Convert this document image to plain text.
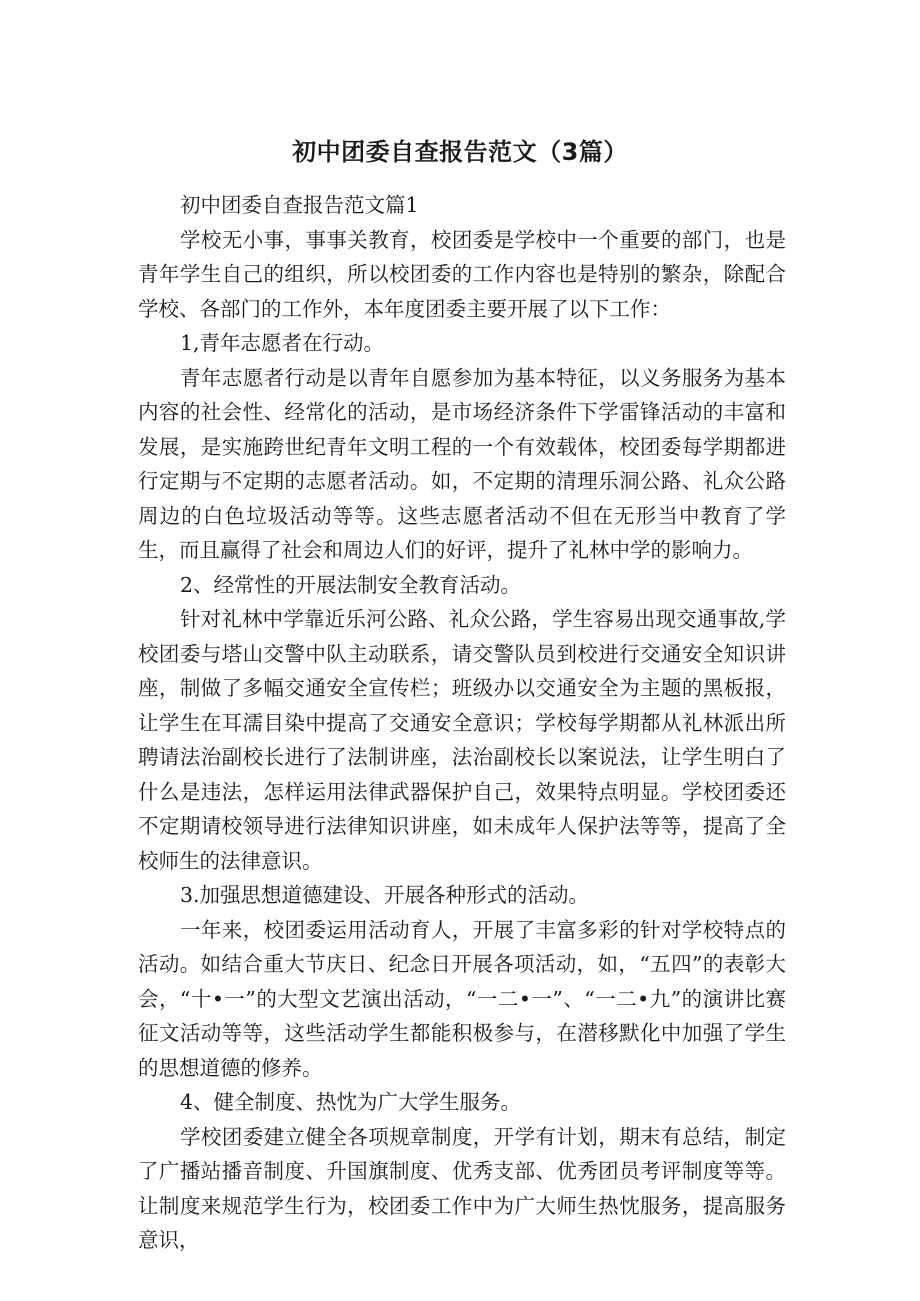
初中团委自查报告范文（3篇）

初中团委自查报告范文篇1

学校无小事，事事关教育，校团委是学校中一个重要的部门，也是青年学生自己的组织，所以校团委的工作内容也是特别的繁杂，除配合学校、各部门的工作外，本年度团委主要开展了以下工作：

1,青年志愿者在行动。

青年志愿者行动是以青年自愿参加为基本特征，以义务服务为基本内容的社会性、经常化的活动，是市场经济条件下学雷锋活动的丰富和发展，是实施跨世纪青年文明工程的一个有效载体，校团委每学期都进行定期与不定期的志愿者活动。如，不定期的清理乐洞公路、礼众公路周边的白色垃圾活动等等。这些志愿者活动不但在无形当中教育了学生，而且赢得了社会和周边人们的好评，提升了礼林中学的影响力。

2、经常性的开展法制安全教育活动。

针对礼林中学靠近乐河公路、礼众公路，学生容易出现交通事故,学校团委与塔山交警中队主动联系，请交警队员到校进行交通安全知识讲座，制做了多幅交通安全宣传栏；班级办以交通安全为主题的黑板报，让学生在耳濡目染中提高了交通安全意识；学校每学期都从礼林派出所聘请法治副校长进行了法制讲座，法治副校长以案说法，让学生明白了什么是违法，怎样运用法律武器保护自己，效果特点明显。学校团委还不定期请校领导进行法律知识讲座，如未成年人保护法等等，提高了全校师生的法律意识。

3.加强思想道德建设、开展各种形式的活动。

一年来，校团委运用活动育人，开展了丰富多彩的针对学校特点的活动。如结合重大节庆日、纪念日开展各项活动，如，“五四”的表彰大会，“十•一”的大型文艺演出活动，“一二•一”、“一二•九”的演讲比赛征文活动等等，这些活动学生都能积极参与，在潜移默化中加强了学生的思想道德的修养。

4、健全制度、热忱为广大学生服务。

学校团委建立健全各项规章制度，开学有计划，期末有总结，制定了广播站播音制度、升国旗制度、优秀支部、优秀团员考评制度等等。让制度来规范学生行为，校团委工作中为广大师生热忱服务，提高服务意识，
